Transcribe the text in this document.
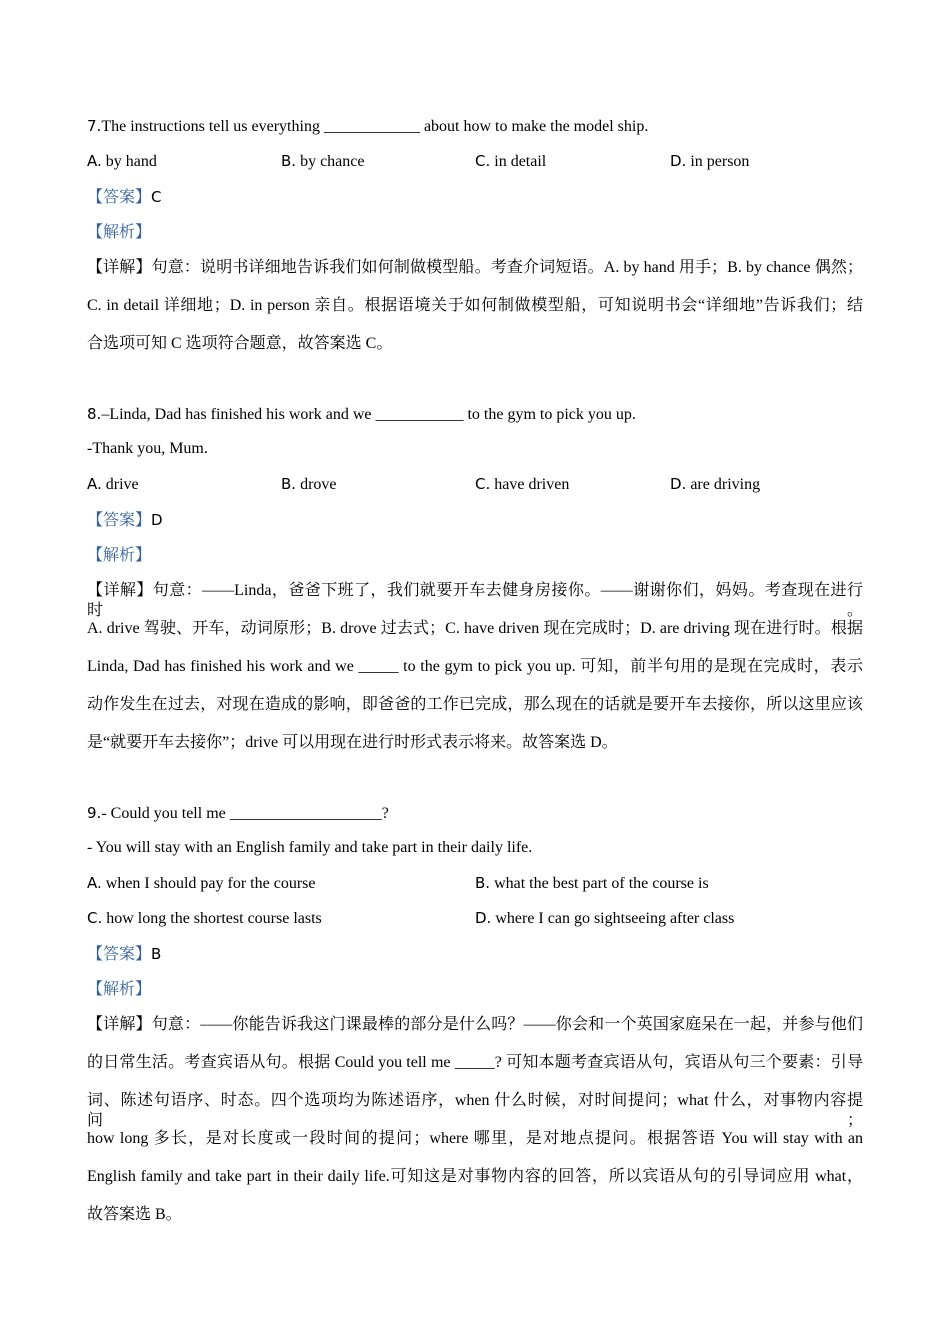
7.The instructions tell us everything ____________ about how to make the model ship.
A. by hand	B. by chance	C. in detail	D. in person
【答案】C
【解析】
【详解】句意：说明书详细地告诉我们如何制做模型船。考查介词短语。A. by hand 用手；B. by chance 偶然；
C. in detail 详细地；D. in person 亲自。根据语境关于如何制做模型船，可知说明书会“详细地”告诉我们；结
合选项可知 C 选项符合题意，故答案选 C。
8.–Linda, Dad has finished his work and we ___________ to the gym to pick you up.
-Thank you, Mum.
A. drive	B. drove	C. have driven	D. are driving
【答案】D
【解析】
【详解】句意：——Linda，爸爸下班了，我们就要开车去健身房接你。——谢谢你们，妈妈。考查现在进行时。
A. drive 驾驶、开车，动词原形；B. drove 过去式；C. have driven 现在完成时；D. are driving 现在进行时。根据
Linda, Dad has finished his work and we _____ to the gym to pick you up. 可知，前半句用的是现在完成时，表示
动作发生在过去，对现在造成的影响，即爸爸的工作已完成，那么现在的话就是要开车去接你，所以这里应该
是“就要开车去接你”；drive 可以用现在进行时形式表示将来。故答案选 D。
9.- Could you tell me ___________________?
- You will stay with an English family and take part in their daily life.
A. when I should pay for the course	B. what the best part of the course is
C. how long the shortest course lasts	D. where I can go sightseeing after class
【答案】B
【解析】
【详解】句意：——你能告诉我这门课最棒的部分是什么吗？——你会和一个英国家庭呆在一起，并参与他们
的日常生活。考查宾语从句。根据 Could you tell me _____? 可知本题考查宾语从句，宾语从句三个要素：引导
词、陈述句语序、时态。四个选项均为陈述语序，when 什么时候，对时间提问；what 什么，对事物内容提问；
how long 多长，是对长度或一段时间的提问；where 哪里，是对地点提问。根据答语 You will stay with an
English family and take part in their daily life.可知这是对事物内容的回答，所以宾语从句的引导词应用 what，
故答案选 B。
